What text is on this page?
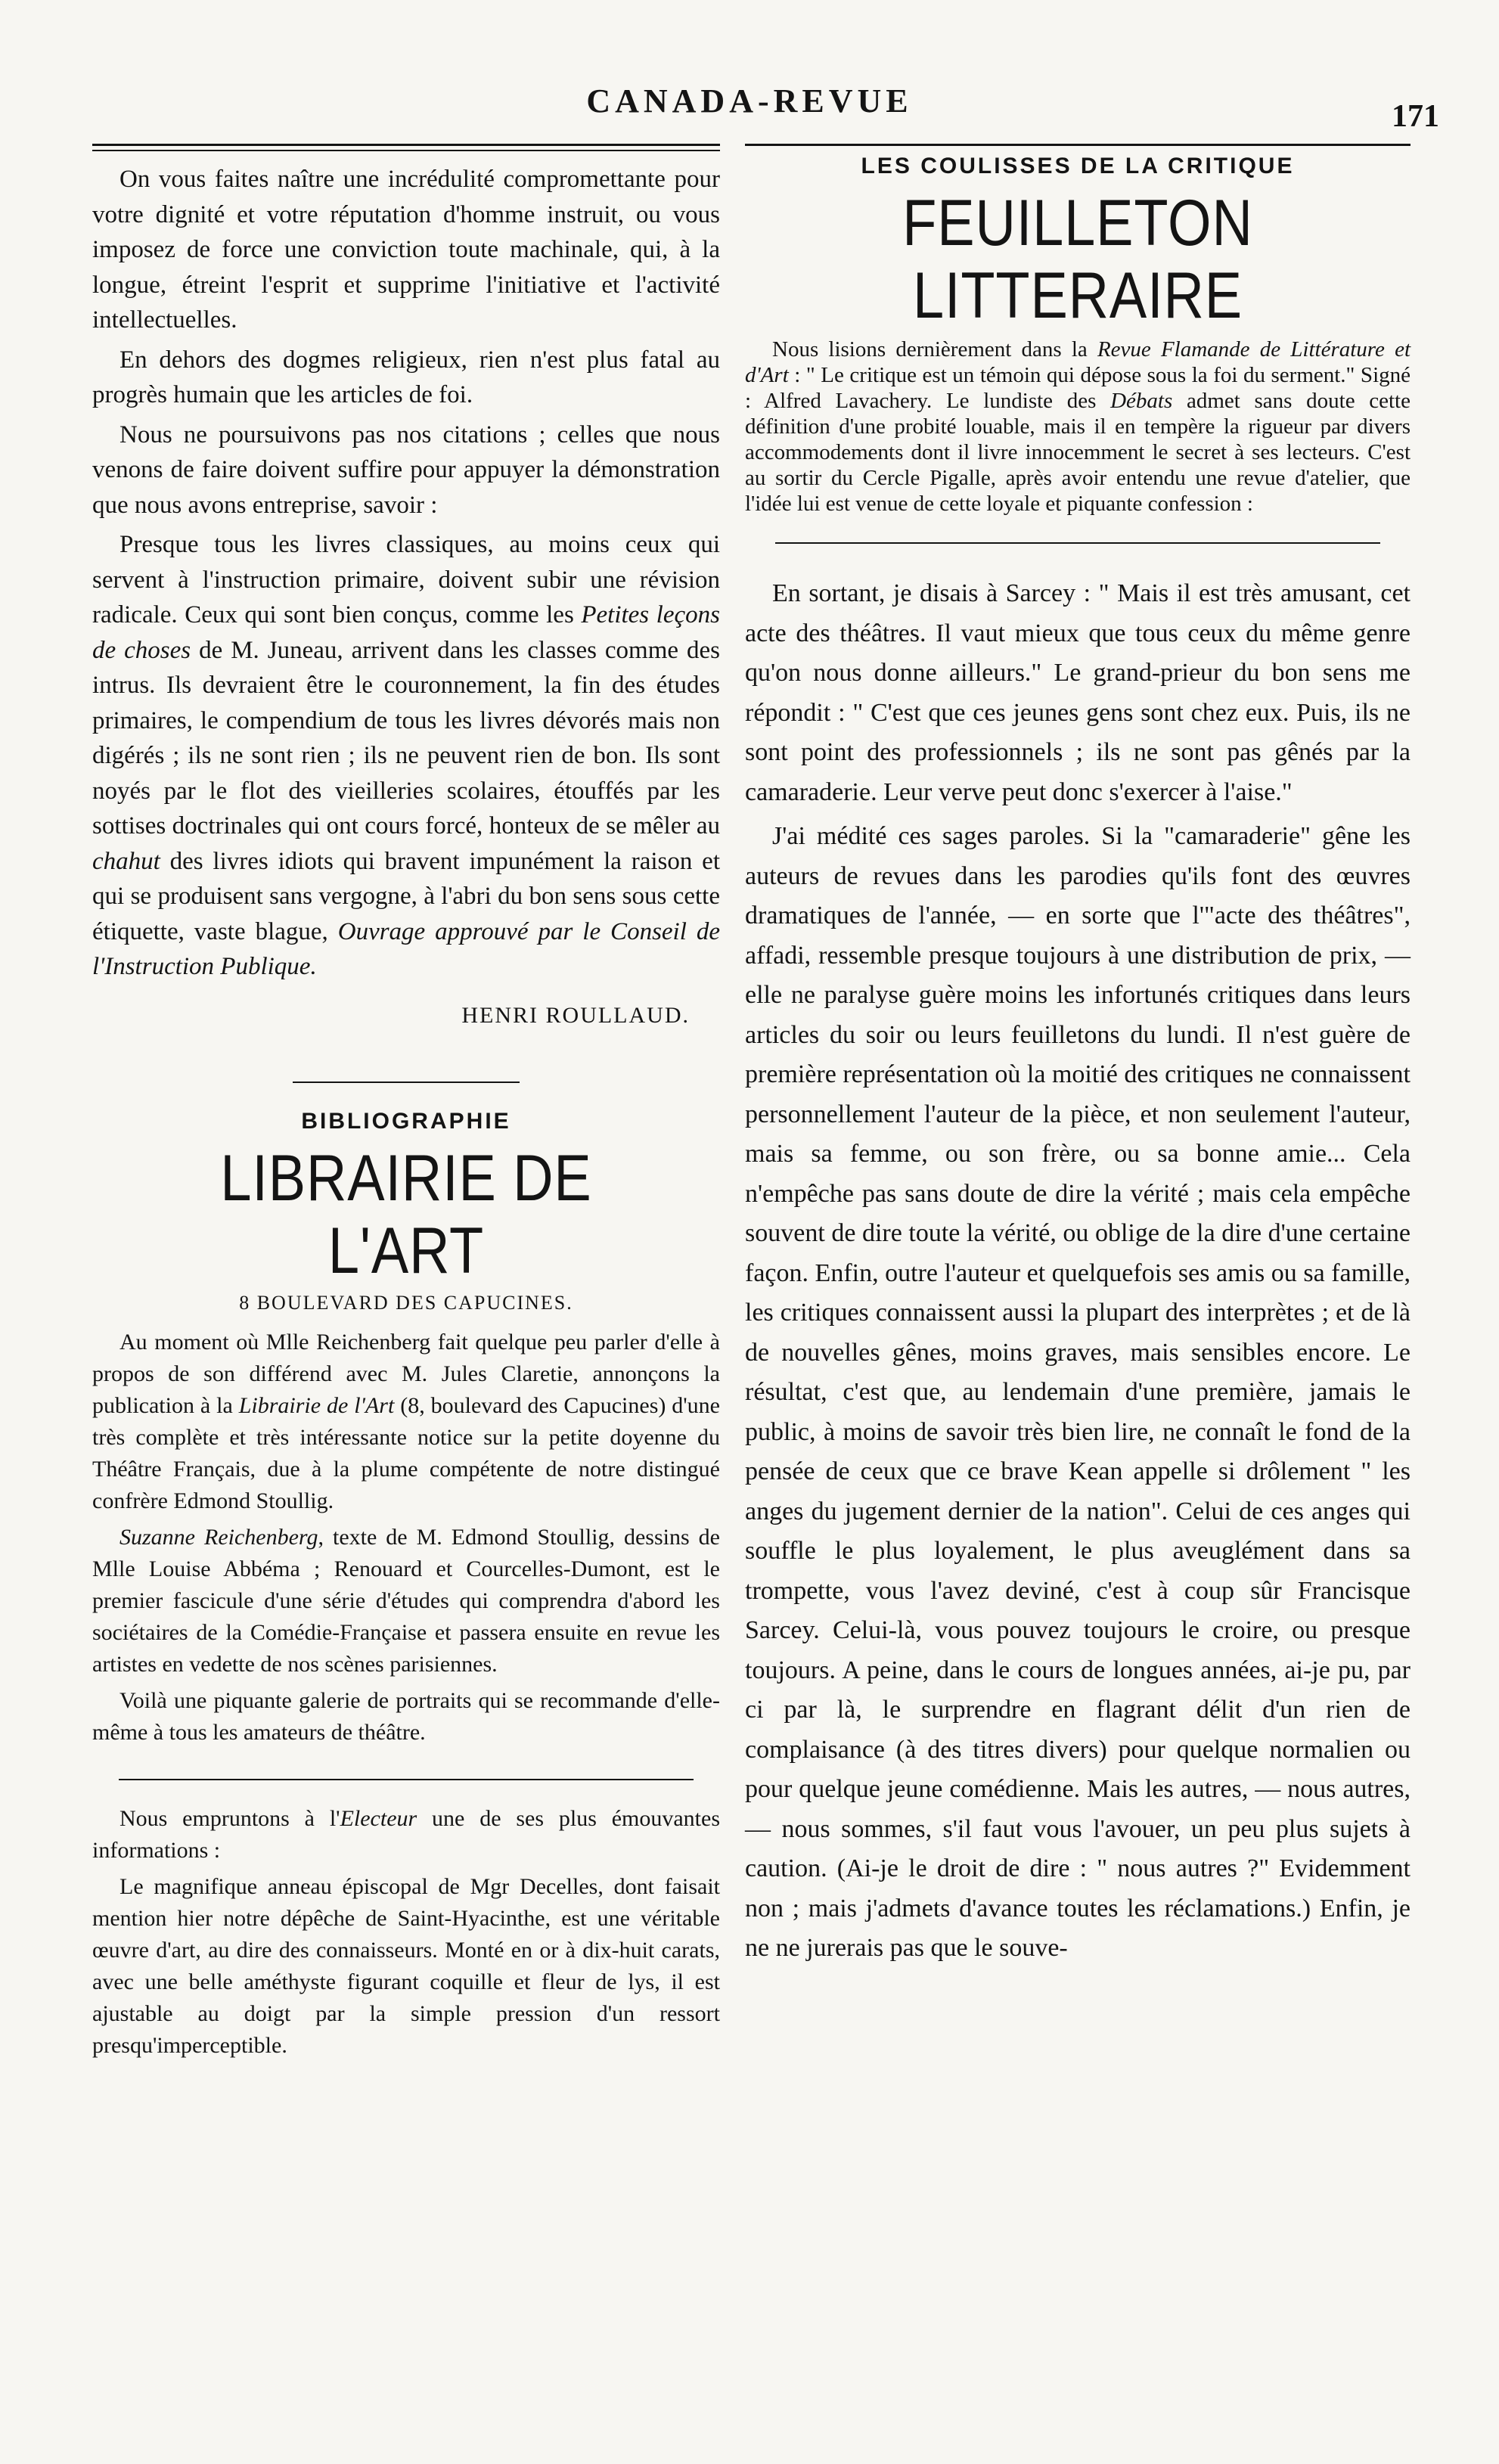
CANADA-REVUE	171

On vous faites naître une incrédulité compromettante pour votre dignité et votre réputation d'homme instruit, ou vous imposez de force une conviction toute machinale, qui, à la longue, étreint l'esprit et supprime l'initiative et l'activité intellectuelles.

En dehors des dogmes religieux, rien n'est plus fatal au progrès humain que les articles de foi.

Nous ne poursuivons pas nos citations ; celles que nous venons de faire doivent suffire pour appuyer la démonstration que nous avons entreprise, savoir :

Presque tous les livres classiques, au moins ceux qui servent à l'instruction primaire, doivent subir une révision radicale. Ceux qui sont bien conçus, comme les Petites leçons de choses de M. Juneau, arrivent dans les classes comme des intrus. Ils devraient être le couronnement, la fin des études primaires, le compendium de tous les livres dévorés mais non digérés ; ils ne sont rien ; ils ne peuvent rien de bon. Ils sont noyés par le flot des vieilleries scolaires, étouffés par les sottises doctrinales qui ont cours forcé, honteux de se mêler au chahut des livres idiots qui bravent impunément la raison et qui se produisent sans vergogne, à l'abri du bon sens sous cette étiquette, vaste blague, Ouvrage approuvé par le Conseil de l'Instruction Publique.

HENRI ROULLAUD.
BIBLIOGRAPHIE
LIBRAIRIE DE L'ART
8 BOULEVARD DES CAPUCINES.

Au moment où Mlle Reichenberg fait quelque peu parler d'elle à propos de son différend avec M. Jules Claretie, annonçons la publication à la Librairie de l'Art (8, boulevard des Capucines) d'une très complète et très intéressante notice sur la petite doyenne du Théâtre Français, due à la plume compétente de notre distingué confrère Edmond Stoullig.

Suzanne Reichenberg, texte de M. Edmond Stoullig, dessins de Mlle Louise Abbéma ; Renouard et Courcelles-Dumont, est le premier fascicule d'une série d'études qui comprendra d'abord les sociétaires de la Comédie-Française et passera ensuite en revue les artistes en vedette de nos scènes parisiennes.

Voilà une piquante galerie de portraits qui se recommande d'elle-même à tous les amateurs de théâtre.

Nous empruntons à l'Electeur une de ses plus émouvantes informations :

Le magnifique anneau épiscopal de Mgr Decelles, dont faisait mention hier notre dépêche de Saint-Hyacinthe, est une véritable œuvre d'art, au dire des connaisseurs. Monté en or à dix-huit carats, avec une belle améthyste figurant coquille et fleur de lys, il est ajustable au doigt par la simple pression d'un ressort presqu'imperceptible.

LES COULISSES DE LA CRITIQUE
FEUILLETON LITTERAIRE

Nous lisions dernièrement dans la Revue Flamande de Littérature et d'Art : " Le critique est un témoin qui dépose sous la foi du serment." Signé : Alfred Lavachery. Le lundiste des Débats admet sans doute cette définition d'une probité louable, mais il en tempère la rigueur par divers accommodements dont il livre innocemment le secret à ses lecteurs. C'est au sortir du Cercle Pigalle, après avoir entendu une revue d'atelier, que l'idée lui est venue de cette loyale et piquante confession :

En sortant, je disais à Sarcey : " Mais il est très amusant, cet acte des théâtres. Il vaut mieux que tous ceux du même genre qu'on nous donne ailleurs." Le grand-prieur du bon sens me répondit : " C'est que ces jeunes gens sont chez eux. Puis, ils ne sont point des professionnels ; ils ne sont pas gênés par la camaraderie. Leur verve peut donc s'exercer à l'aise."

J'ai médité ces sages paroles. Si la "camaraderie" gêne les auteurs de revues dans les parodies qu'ils font des œuvres dramatiques de l'année, — en sorte que l'"acte des théâtres", affadi, ressemble presque toujours à une distribution de prix, — elle ne paralyse guère moins les infortunés critiques dans leurs articles du soir ou leurs feuilletons du lundi. Il n'est guère de première représentation où la moitié des critiques ne connaissent personnellement l'auteur de la pièce, et non seulement l'auteur, mais sa femme, ou son frère, ou sa bonne amie... Cela n'empêche pas sans doute de dire la vérité ; mais cela empêche souvent de dire toute la vérité, ou oblige de la dire d'une certaine façon. Enfin, outre l'auteur et quelquefois ses amis ou sa famille, les critiques connaissent aussi la plupart des interprètes ; et de là de nouvelles gênes, moins graves, mais sensibles encore. Le résultat, c'est que, au lendemain d'une première, jamais le public, à moins de savoir très bien lire, ne connaît le fond de la pensée de ceux que ce brave Kean appelle si drôlement " les anges du jugement dernier de la nation". Celui de ces anges qui souffle le plus loyalement, le plus aveuglément dans sa trompette, vous l'avez deviné, c'est à coup sûr Francisque Sarcey. Celui-là, vous pouvez toujours le croire, ou presque toujours. A peine, dans le cours de longues années, ai-je pu, par ci par là, le surprendre en flagrant délit d'un rien de complaisance (à des titres divers) pour quelque normalien ou pour quelque jeune comédienne. Mais les autres, — nous autres, — nous sommes, s'il faut vous l'avouer, un peu plus sujets à caution. (Ai-je le droit de dire : " nous autres ?" Evidemment non ; mais j'admets d'avance toutes les réclamations.) Enfin, je ne ne jurerais pas que le souve-
